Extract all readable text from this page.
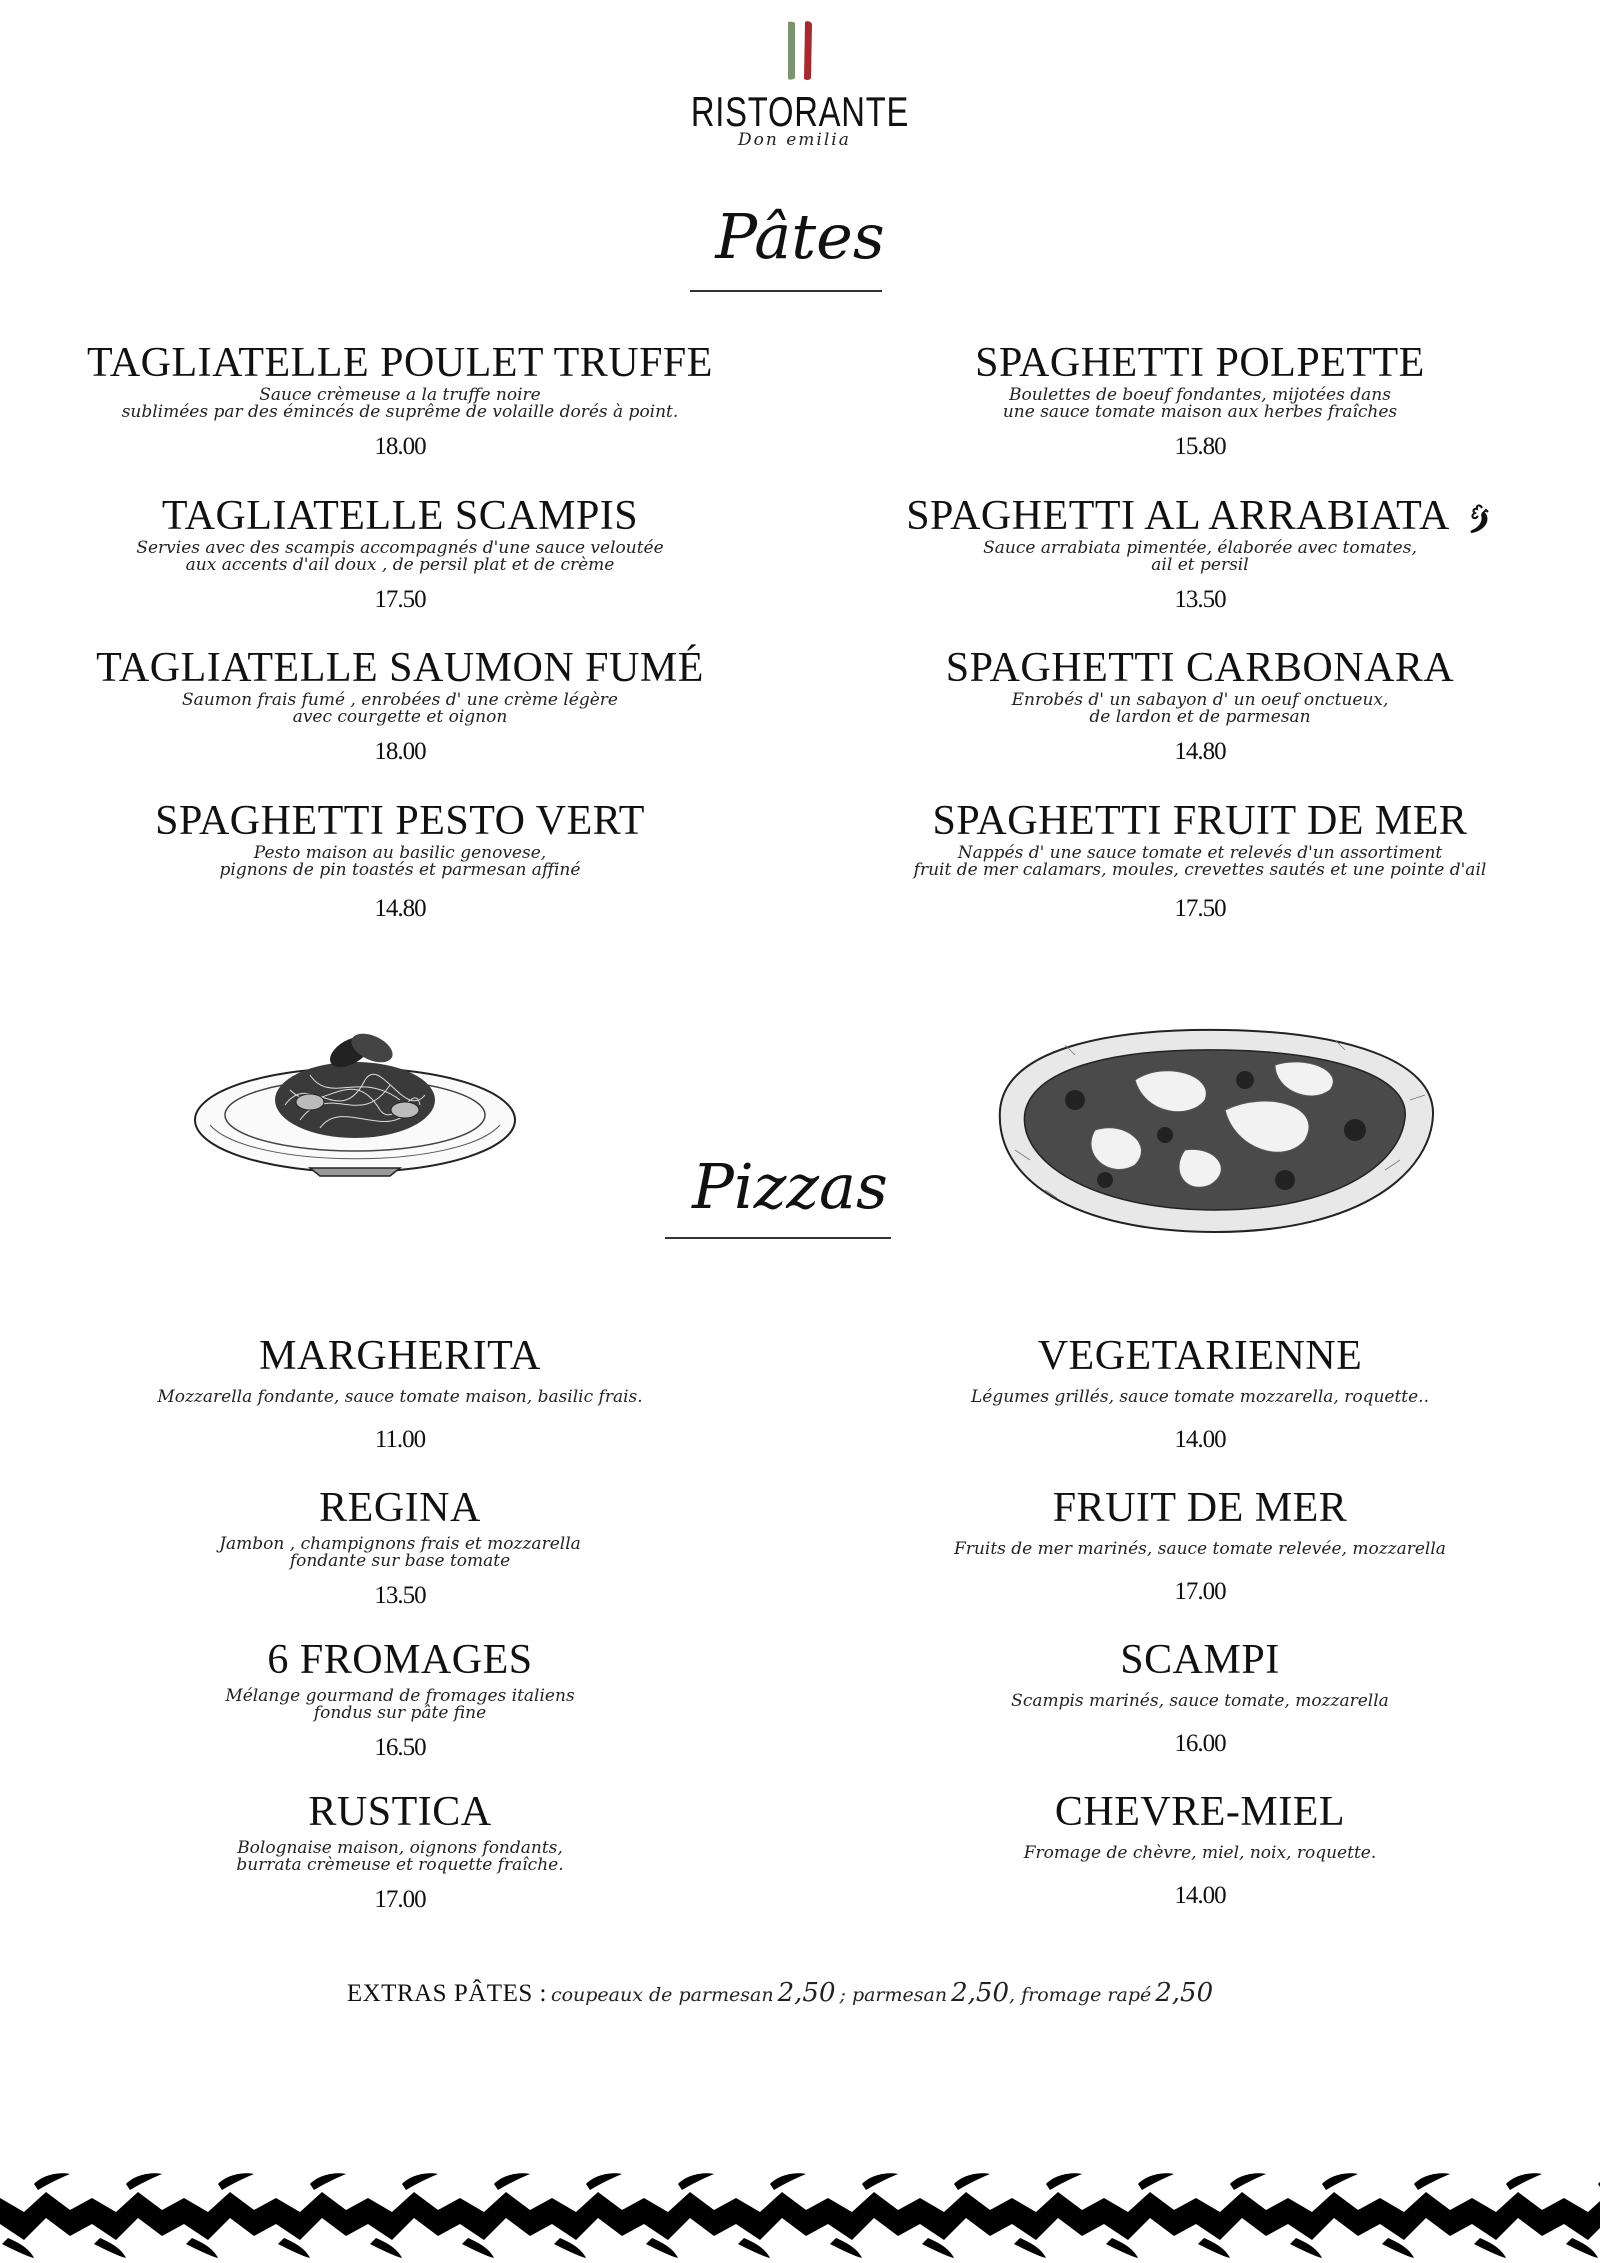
RISTORANTE
Don emilia
Pâtes
TAGLIATELLE POULET TRUFFE
Sauce crèmeuse a la truffe noire
sublimées par des émincés de suprême de volaille dorés à point.
18.00
SPAGHETTI POLPETTE
Boulettes de boeuf fondantes, mijotées dans
une sauce tomate maison aux herbes fraîches
15.80
TAGLIATELLE SCAMPIS
Servies avec des scampis accompagnés d'une sauce veloutée
aux accents d'ail doux , de persil plat et de crème
17.50
SPAGHETTI AL ARRABIATA
Sauce arrabiata pimentée, élaborée avec tomates,
ail et persil
13.50
TAGLIATELLE SAUMON FUMÉ
Saumon frais fumé , enrobées d' une crème légère
avec courgette et oignon
18.00
SPAGHETTI CARBONARA
Enrobés d' un sabayon d' un oeuf onctueux,
de lardon et de parmesan
14.80
SPAGHETTI PESTO VERT
Pesto maison au basilic genovese,
pignons de pin toastés et parmesan affiné
14.80
SPAGHETTI FRUIT DE MER
Nappés d' une sauce tomate et relevés d'un assortiment
fruit de mer calamars, moules, crevettes sautés et une pointe d'ail
17.50
Pizzas
MARGHERITA
Mozzarella fondante, sauce tomate maison, basilic frais.
11.00
VEGETARIENNE
Légumes grillés, sauce tomate mozzarella, roquette..
14.00
REGINA
Jambon , champignons frais et mozzarella
fondante sur base tomate
13.50
FRUIT DE MER
Fruits de mer marinés, sauce tomate relevée, mozzarella
17.00
6 FROMAGES
Mélange gourmand de fromages italiens
fondus sur pâte fine
16.50
SCAMPI
Scampis marinés, sauce tomate, mozzarella
16.00
RUSTICA
Bolognaise maison, oignons fondants,
burrata crèmeuse et roquette fraîche.
17.00
CHEVRE-MIEL
Fromage de chèvre, miel, noix, roquette.
14.00
EXTRAS PÂTES : coupeaux de parmesan 2,50 ; parmesan 2,50, fromage rapé 2,50
